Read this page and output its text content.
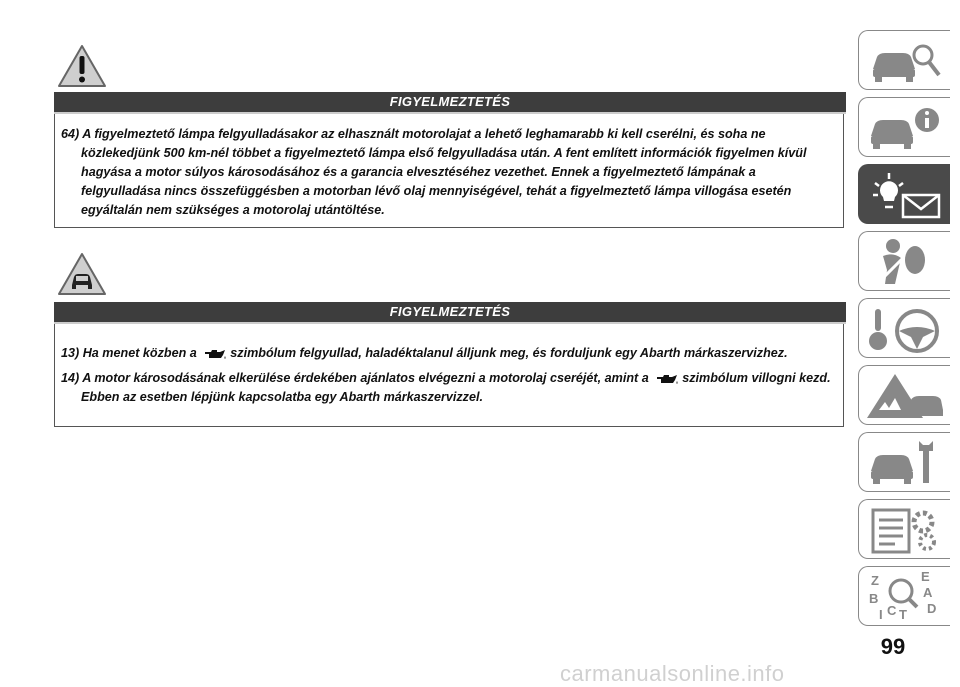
FIGYELMEZTETÉS

64) A figyelmeztető lámpa felgyulladásakor az elhasznált motorolajat a lehető leghamarabb ki kell cserélni, és soha ne közlekedjünk 500 km-nél többet a figyelmeztető lámpa első felgyulladása után. A fent említett információk figyelmen kívül hagyása a motor súlyos károsodásához és a garancia elvesztéséhez vezethet. Ennek a figyelmeztető lámpának a felgyulladása nincs összefüggésben a motorban lévő olaj mennyiségével, tehát a figyelmeztető lámpa villogása esetén egyáltalán nem szükséges a motorolaj utántöltése.

FIGYELMEZTETÉS

13) Ha menet közben a	szimbólum felgyullad, haladéktalanul álljunk meg, és forduljunk egy Abarth márkaszervizhez.

14) A motor károsodásának elkerülése érdekében ajánlatos elvégezni a motorolaj cseréjét, amint a	szimbólum villogni kezd. Ebben az esetben lépjünk kapcsolatba egy Abarth márkaszervizzel.

Z	E
A
B
C T D
I
99
carmanualsonline.info
